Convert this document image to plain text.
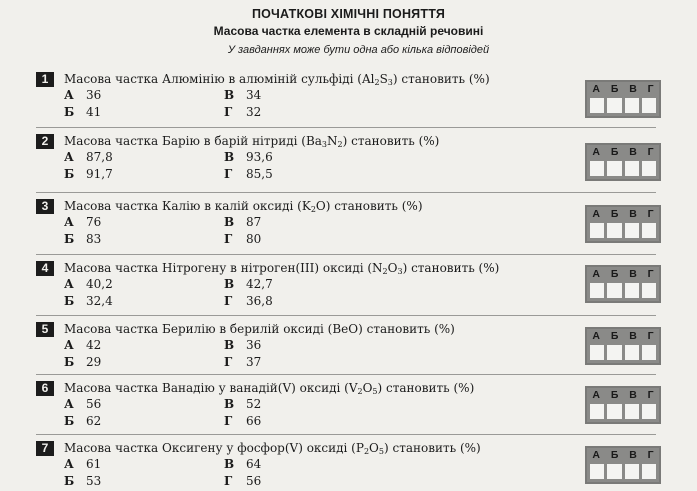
ПОЧАТКОВІ ХІМІЧНІ ПОНЯТТЯ
Масова частка елемента в складній речовині
У завданнях може бути одна або кілька відповідей
1	Масова частка Алюмінію в алюміній сульфіді $(Al_2S_3)$ становить (%)
А 36
Б 41
В 34
Г 32
А Б В Г
2	Масова частка Барію в барій нітриді $(Ba_3N_2)$ становить (%)
А 87,8
Б 91,7
В 93,6
Г 85,5
А Б В Г
3	Масова частка Калію в калій оксиді $(K_2O)$ становить (%)
А 76
Б 83
В 87
Г 80
А Б В Г
4	Масова частка Нітрогену в нітроген(III) оксиді $(N_2O_3)$ становить (%)
А 40,2
Б 32,4
В 42,7
Г 36,8
А Б В Г
5	Масова частка Берилію в берилій оксиді (BeO) становить (%)
А 42
Б 29
В 36
Г 37
А Б В Г
6	Масова частка Ванадію у ванадій(V) оксиді $(V_2O_5)$ становить (%)
А 56
Б 62
В 52
Г 66
А Б В Г
7	Масова частка Оксигену у фосфор(V) оксиді $(P_2O_5)$ становить (%)
А 61
Б 53
В 64
Г 56
А Б В Г
